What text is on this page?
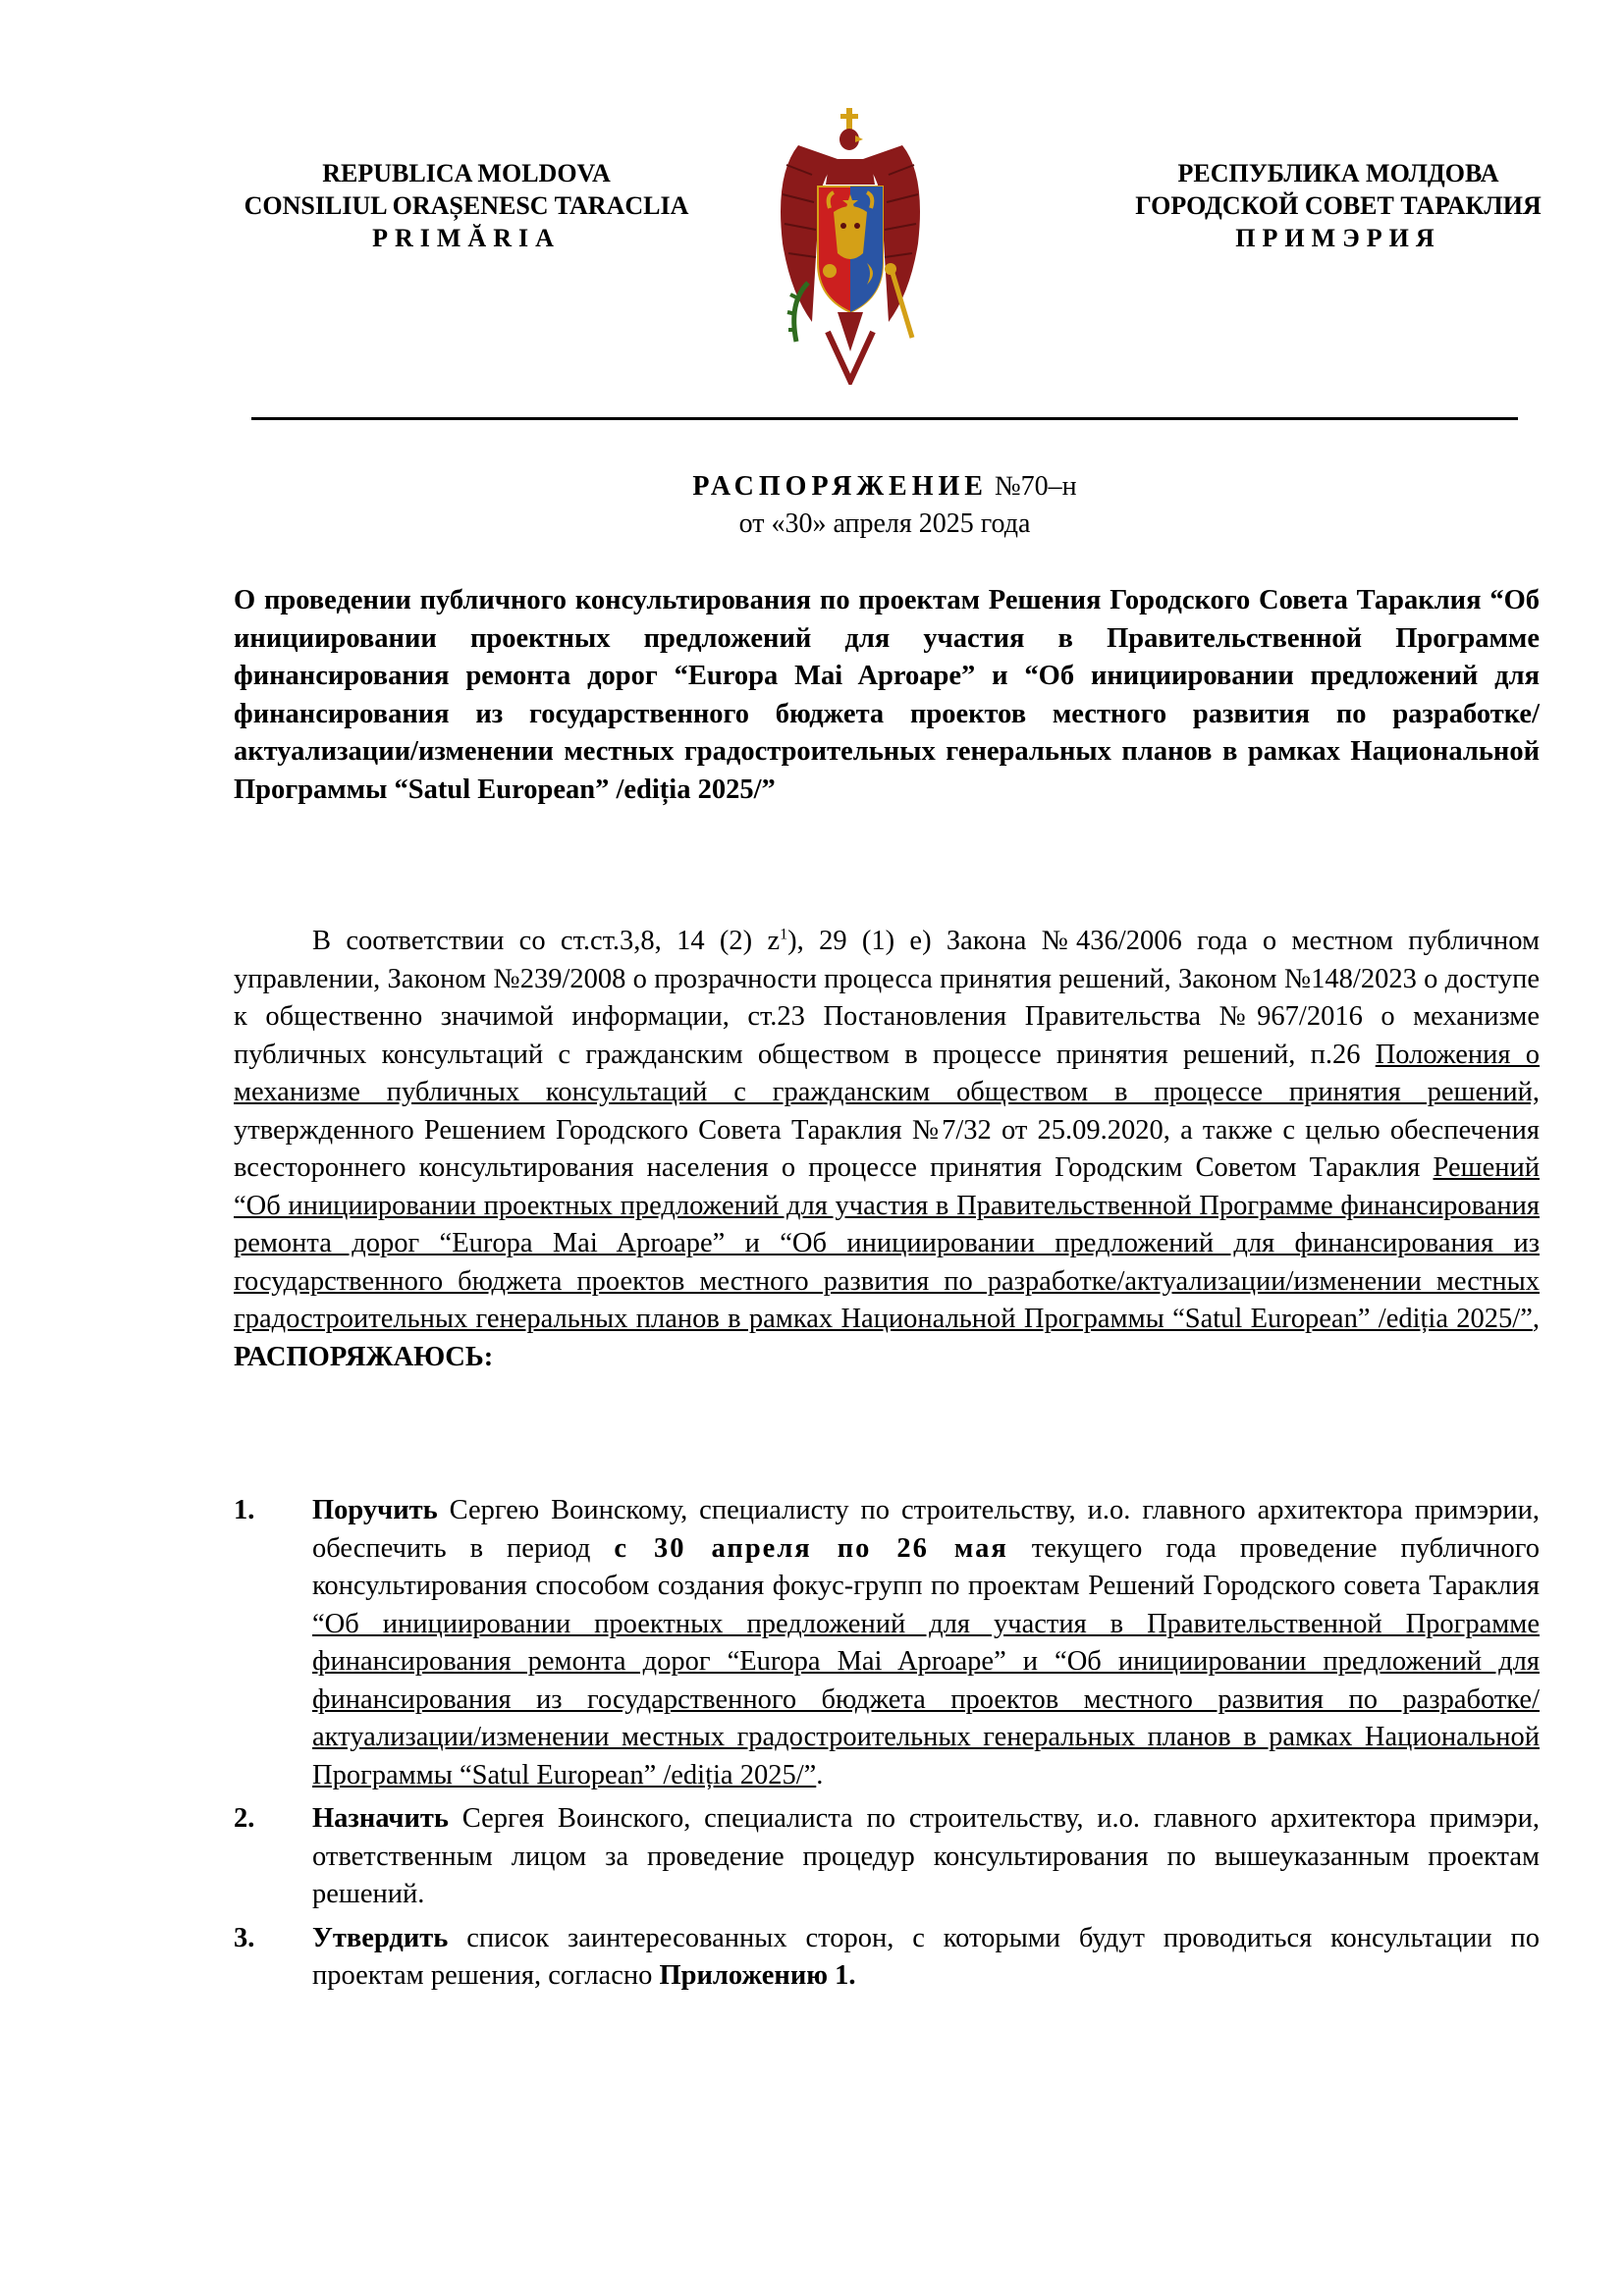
REPUBLICA MOLDOVA
CONSILIUL ORAȘENESC TARACLIA
PRIMĂRIA
РЕСПУБЛИКА МОЛДОВА
ГОРОДСКОЙ СОВЕТ ТАРАКЛИЯ
ПРИМЭРИЯ
РАСПОРЯЖЕНИЕ №70–н
от «30» апреля 2025 года
О проведении публичного консультирования по проектам Решения Городского Совета Тараклия “Об инициировании проектных предложений для участия в Правительственной Программе финансирования ремонта дорог “Europa Mai Aproape” и “Об инициировании предложений для финансирования из государственного бюджета проектов местного развития по разработке/актуализации/изменении местных градостроительных генеральных планов в рамках Национальной Программы “Satul European” /ediția 2025/”
В соответствии со ст.ст.3,8, 14 (2) $z^1$), 29 (1) e) Закона №436/2006 года о местном публичном управлении, Законом №239/2008 о прозрачности процесса принятия решений, Законом №148/2023 о доступе к общественно значимой информации, ст.23 Постановления Правительства №967/2016 о механизме публичных консультаций с гражданским обществом в процессе принятия решений, п.26 Положения о механизме публичных консультаций с гражданским обществом в процессе принятия решений, утвержденного Решением Городского Совета Тараклия №7/32 от 25.09.2020, а также с целью обеспечения всестороннего консультирования населения о процессе принятия Городским Советом Тараклия Решений “Об инициировании проектных предложений для участия в Правительственной Программе финансирования ремонта дорог “Europa Mai Aproape” и “Об инициировании предложений для финансирования из государственного бюджета проектов местного развития по разработке/актуализации/изменении местных градостроительных генеральных планов в рамках Национальной Программы “Satul European” /ediția 2025/”, РАСПОРЯЖАЮСЬ:
1. Поручить Сергею Воинскому, специалисту по строительству, и.о. главного архитектора примэрии, обеспечить в период с 30 апреля по 26 мая текущего года проведение публичного консультирования способом создания фокус-групп по проектам Решений Городского совета Тараклия “Об инициировании проектных предложений для участия в Правительственной Программе финансирования ремонта дорог “Europa Mai Aproape” и “Об инициировании предложений для финансирования из государственного бюджета проектов местного развития по разработке/актуализации/изменении местных градостроительных генеральных планов в рамках Национальной Программы “Satul European” /ediția 2025/”.
2. Назначить Сергея Воинского, специалиста по строительству, и.о. главного архитектора примэри, ответственным лицом за проведение процедур консультирования по вышеуказанным проектам решений.
3. Утвердить список заинтересованных сторон, с которыми будут проводиться консультации по проектам решения, согласно Приложению 1.
